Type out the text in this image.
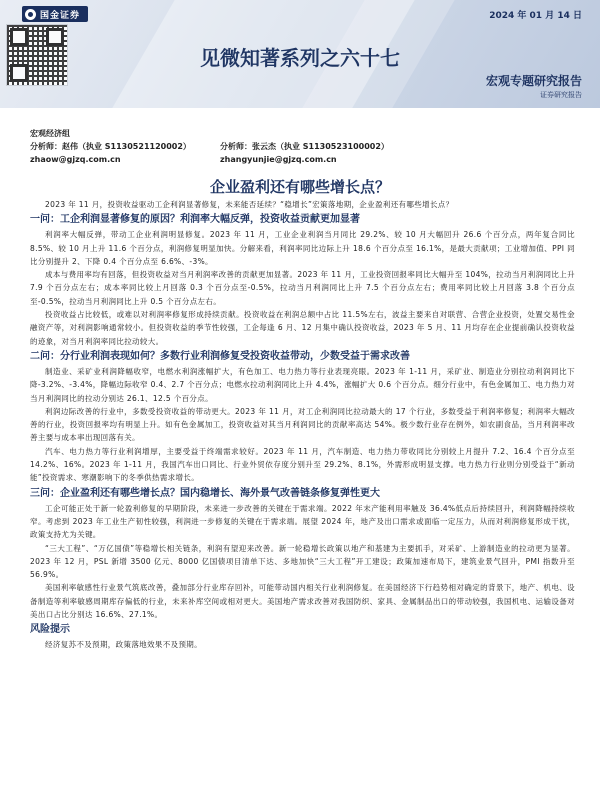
国金证券	2024 年 01 月 14 日
见微知著系列之六十七
宏观专题研究报告
证券研究报告
宏观经济组
分析师：赵伟（执业 S1130521120002）
zhaow@gjzq.com.cn
分析师：张云杰（执业 S1130523100002）
zhangyunjie@gjzq.com.cn
企业盈利还有哪些增长点？

2023 年 11 月，投资收益驱动工企利润显著修复，未来能否延续？“稳增长”宏策落地期，企业盈利还有哪些增长点？

一问：工企利润显著修复的原因？利润率大幅反弹，投资收益贡献更加显著

利润率大幅反弹，带动工企业利润明显修复。2023 年 11 月，工业企业利润当月同比 29.2%、较 10 月大幅回升 26.6 个百分点，两年复合同比 8.5%、较 10 月上升 11.6 个百分点，利润修复明显加快。分解来看，利润率同比边际上升 18.6 个百分点至 16.1%，是最大贡献项；工业增加值、PPI 同比分别提升 2、下降 0.4 个百分点至 6.6%、-3%。

成本与费用率均有回落，但投资收益对当月利润率改善的贡献更加显著。2023 年 11 月，工业投资回报率同比大幅升至 104%，拉动当月利润同比上升 7.9 个百分点左右；成本率同比较上月回落 0.3 个百分点至-0.5%，拉动当月利润同比上升 7.5 个百分点左右；费用率同比较上月回落 3.8 个百分点至-0.5%，拉动当月利润同比上升 0.5 个百分点左右。

投资收益占比较低，或难以对利润率修复形成持续贡献。投资收益在利润总额中占比 11.5%左右，波益主要来自对联营、合营企业投资，处置交易性金融资产等，对利润影响通常较小。但投资收益的季节性较强，工企每逢 6 月、12 月集中确认投资收益，2023 年 5 月、11 月均存在企业提前确认投资收益的迹象，对当月利润率同比拉动较大。

二问：分行业利润表现如何？多数行业利润修复受投资收益带动，少数受益于需求改善

制造业、采矿业利润降幅收窄，电燃水利润涨幅扩大，有色加工、电力热力等行业表现亮眼。2023 年 1-11 月，采矿业、制造业分别拉动利润同比下降-3.2%、-3.4%，降幅边际收窄 0.4、2.7 个百分点；电燃水拉动利润同比上升 4.4%，涨幅扩大 0.6 个百分点。细分行业中，有色金属加工、电力热力对当月利润同比的拉动分别达 26.1、12.5 个百分点。

利润边际改善的行业中，多数受投资收益的带动更大。2023 年 11 月，对工企利润同比拉动最大的 17 个行业，多数受益于利润率修复；利润率大幅改善的行业，投资回报率均有明显上升。如有色金属加工，投资收益对其当月利润同比的贡献率高达 54%。极少数行业存在例外，如农副食品，当月利润率改善主要与成本率出现回落有关。

汽车、电力热力等行业利润增厚，主要受益于终端需求较好。2023 年 11 月，汽车制造、电力热力带收同比分别较上月提升 7.2、16.4 个百分点至 14.2%、16%。2023 年 1-11 月，我国汽车出口同比、行业外贸依存度分别升至 29.2%、8.1%，外需形成明显支撑。电力热力行业则分别受益于“新动能”投资需求、寒潮影响下的冬季供热需求增长。

三问：企业盈利还有哪些增长点？国内稳增长、海外景气改善链条修复弹性更大

工企可能正处于新一轮盈利修复的早期阶段，未来进一步改善的关键在于需求端。2022 年末产能利用率触及 36.4%低点后持续回升，利润降幅持续收窄。考虑到 2023 年工业生产韧性较强，利润进一步修复的关键在于需求端。展望 2024 年，地产及出口需求或面临一定压力，从而对利润修复形成干扰，政策支持尤为关键。

“三大工程”、“万亿国债”等稳增长相关链条，利润有望迎来改善。新一轮稳增长政策以地产和基建为主要抓手，对采矿、上游制造业的拉动更为显著。2023 年 12 月，PSL 新增 3500 亿元、8000 亿国债项目清单下达、多地加快“三大工程”开工建设；政策加速布局下，建筑业景气回升，PMI 指数升至 56.9%。

美国利率敏感性行业景气筑底改善，叠加部分行业库存回补，可能带动国内相关行业利润修复。在美国经济下行趋势相对确定的背景下，地产、机电、设备制造等利率敏感周期库存偏低的行业，未来补库空间或相对更大。美国地产需求改善对我国防织、家具、金属制品出口的带动较强，我国机电、运输设备对美出口占比分别达 16.6%、27.1%。

风险提示

经济复苏不及预期，政策落地效果不及预期。
